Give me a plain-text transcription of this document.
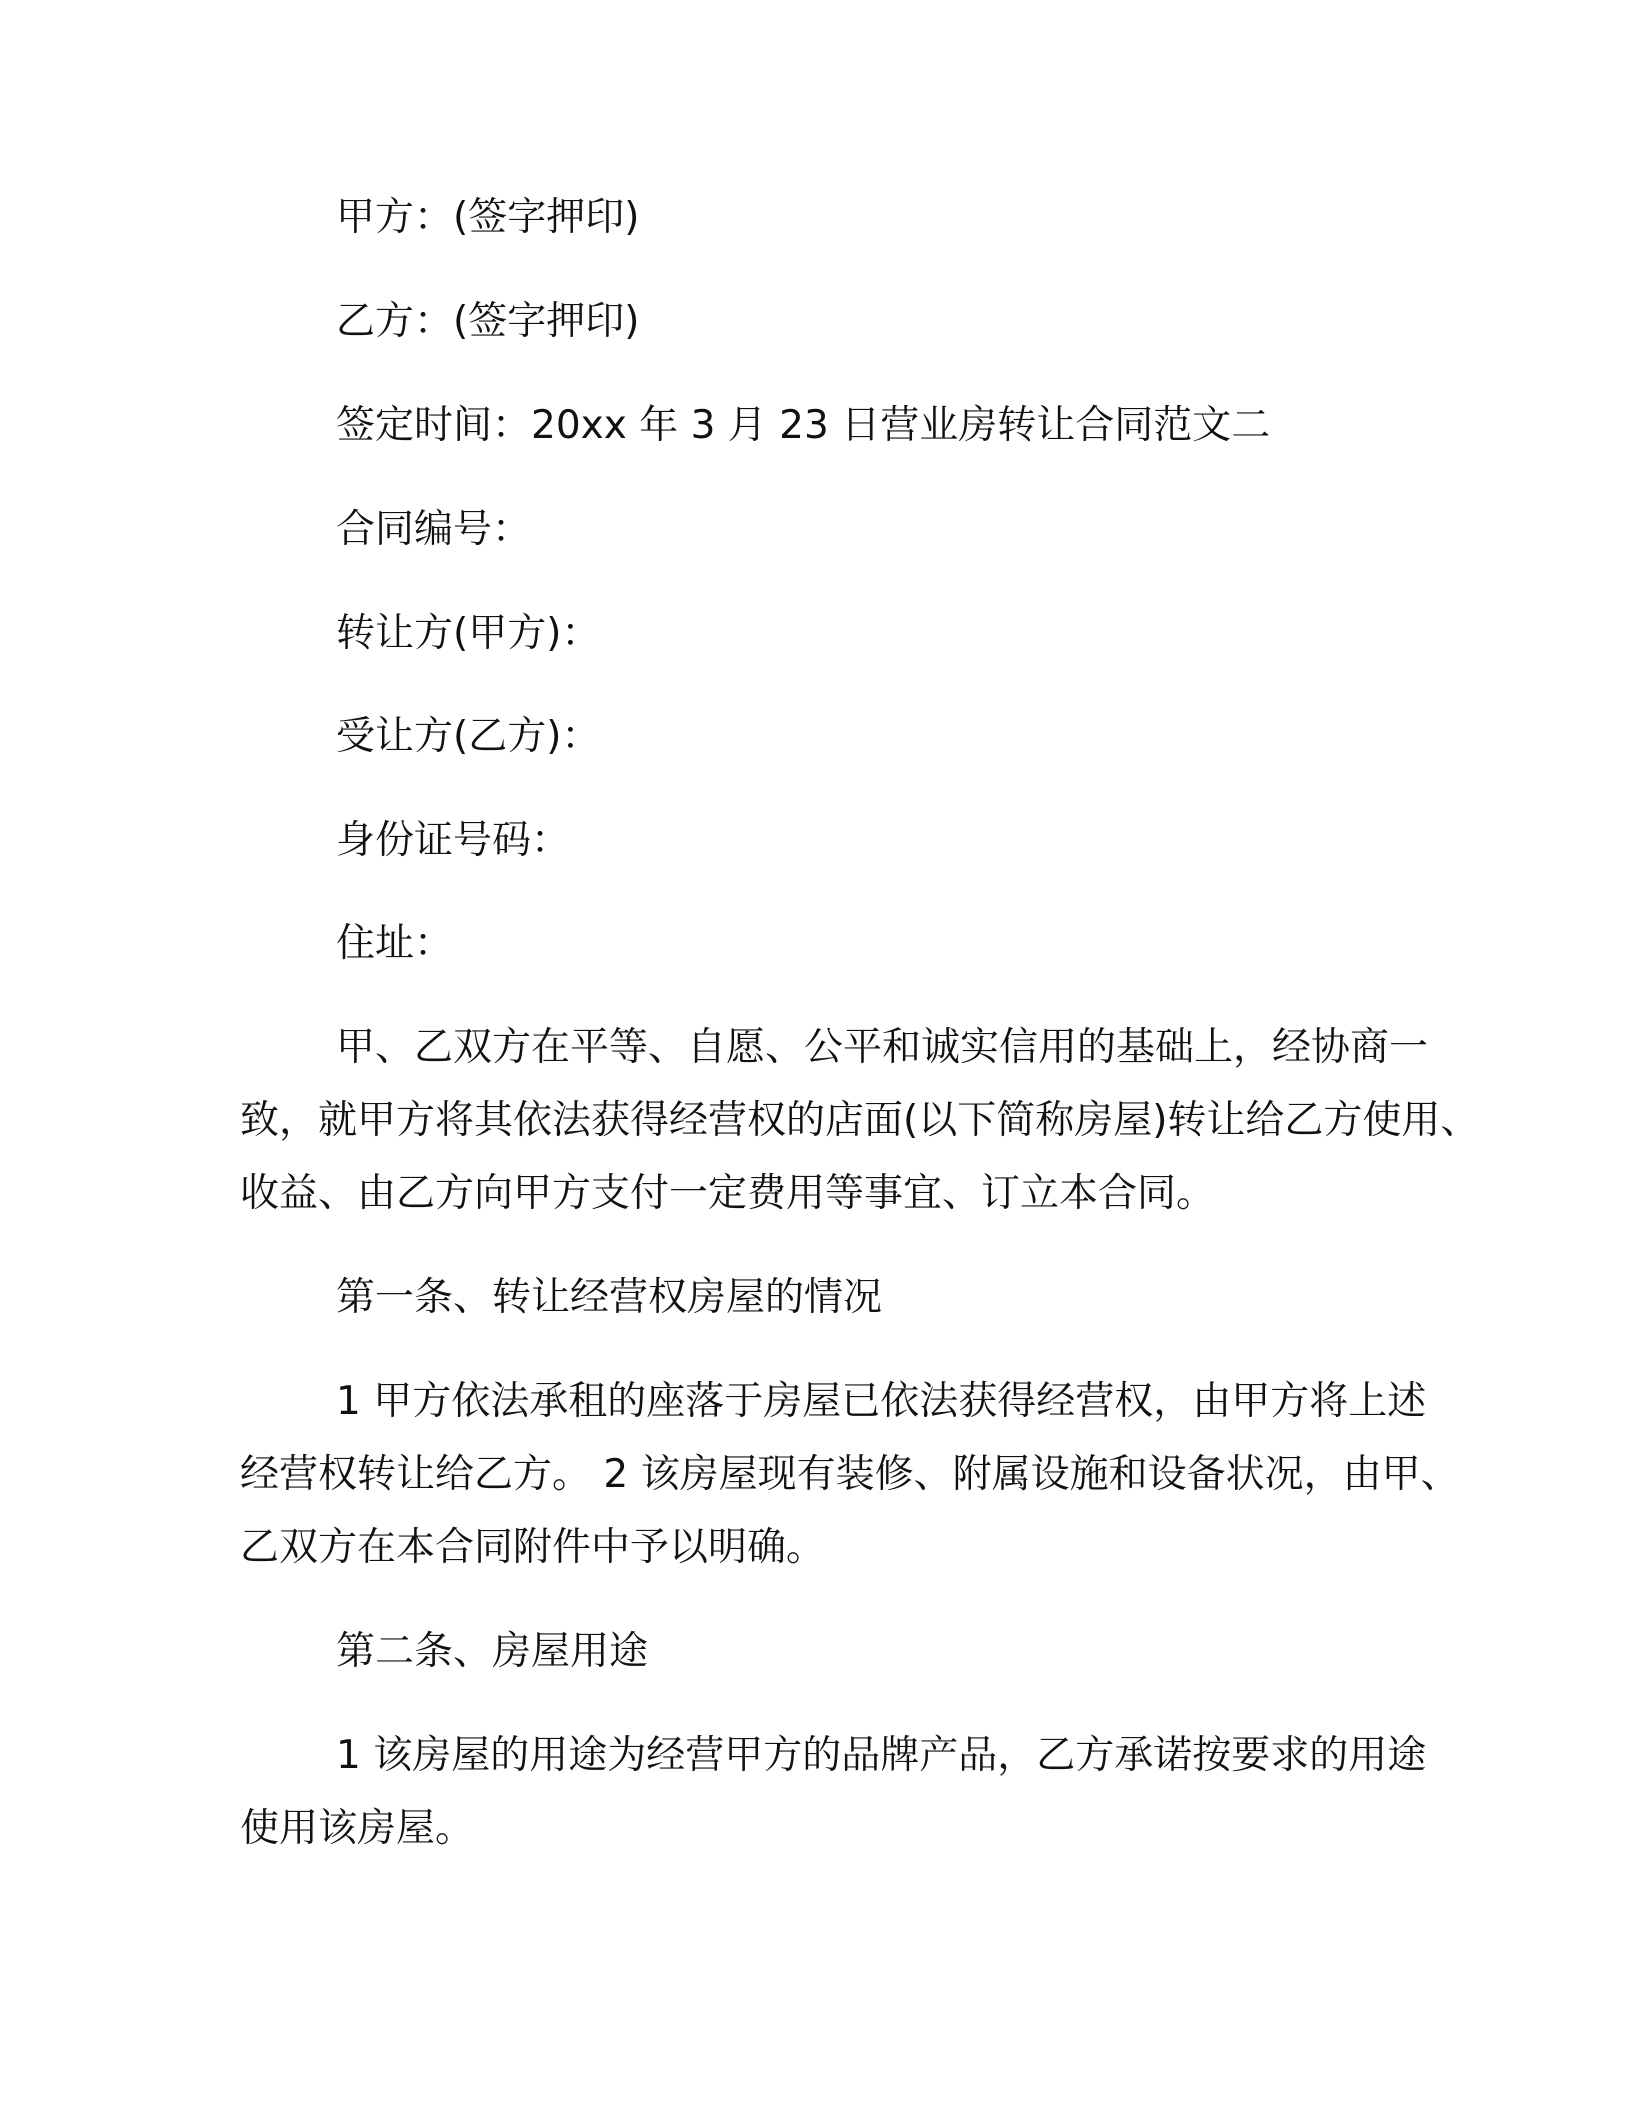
甲方：(签字押印)

乙方：(签字押印)

签定时间：20xx 年 3 月 23 日营业房转让合同范文二

合同编号：

转让方(甲方)：

受让方(乙方)：

身份证号码：

住址：

甲、乙双方在平等、自愿、公平和诚实信用的基础上，经协商一

致，就甲方将其依法获得经营权的店面(以下简称房屋)转让给乙方使用、

收益、由乙方向甲方支付一定费用等事宜、订立本合同。

第一条、转让经营权房屋的情况

1 甲方依法承租的座落于房屋已依法获得经营权，由甲方将上述

经营权转让给乙方。 2 该房屋现有装修、附属设施和设备状况，由甲、

乙双方在本合同附件中予以明确。

第二条、房屋用途

1 该房屋的用途为经营甲方的品牌产品，乙方承诺按要求的用途

使用该房屋。
